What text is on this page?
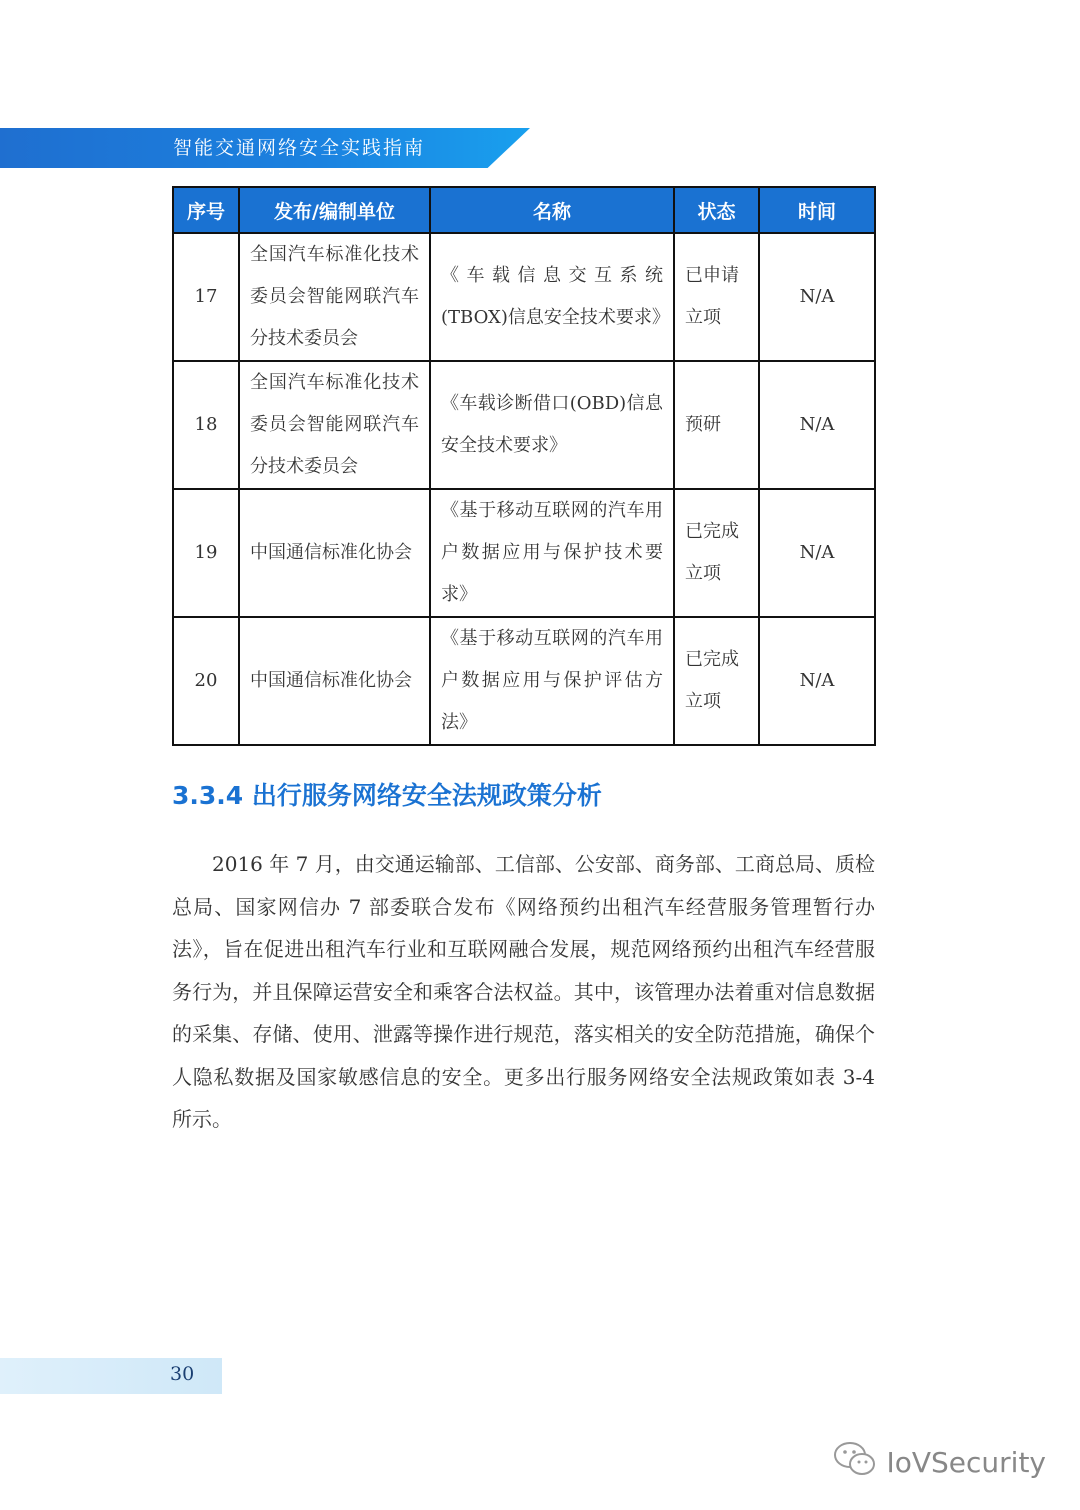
智能交通网络安全实践指南
序号	发布/编制单位	名称	状态	时间
17	全国汽车标准化技术委员会智能网联汽车分技术委员会	《车载信息交互系统(TBOX)信息安全技术要求》	已申请立项	N/A
18	全国汽车标准化技术委员会智能网联汽车分技术委员会	《车载诊断借口(OBD)信息安全技术要求》	预研	N/A
19	中国通信标准化协会	《基于移动互联网的汽车用户数据应用与保护技术要求》	已完成立项	N/A
20	中国通信标准化协会	《基于移动互联网的汽车用户数据应用与保护评估方法》	已完成立项	N/A
3.3.4 出行服务网络安全法规政策分析

2016 年 7 月，由交通运输部、工信部、公安部、商务部、工商总局、质检总局、国家网信办 7 部委联合发布《网络预约出租汽车经营服务管理暂行办法》，旨在促进出租汽车行业和互联网融合发展，规范网络预约出租汽车经营服务行为，并且保障运营安全和乘客合法权益。其中，该管理办法着重对信息数据的采集、存储、使用、泄露等操作进行规范，落实相关的安全防范措施，确保个人隐私数据及国家敏感信息的安全。更多出行服务网络安全法规政策如表 3-4 所示。

30
IoVSecurity
